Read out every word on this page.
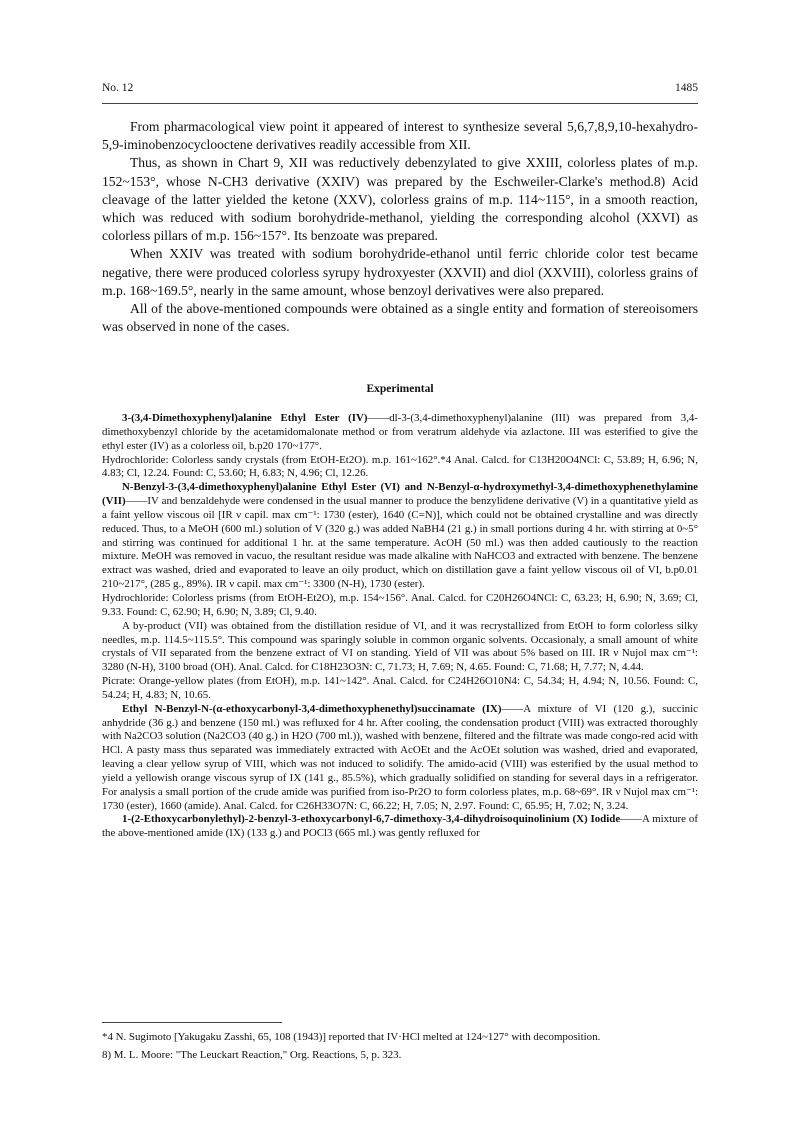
No. 12	1485

From pharmacological view point it appeared of interest to synthesize several 5,6,7,8,9,10-hexahydro-5,9-iminobenzocyclooctene derivatives readily accessible from XII.

Thus, as shown in Chart 9, XII was reductively debenzylated to give XXIII, colorless plates of m.p. 152~153°, whose N-CH3 derivative (XXIV) was prepared by the Eschweiler-Clarke's method.8) Acid cleavage of the latter yielded the ketone (XXV), colorless grains of m.p. 114~115°, in a smooth reaction, which was reduced with sodium borohydride-methanol, yielding the corresponding alcohol (XXVI) as colorless pillars of m.p. 156~157°. Its benzoate was prepared.

When XXIV was treated with sodium borohydride-ethanol until ferric chloride color test became negative, there were produced colorless syrupy hydroxyester (XXVII) and diol (XXVIII), colorless grains of m.p. 168~169.5°, nearly in the same amount, whose benzoyl derivatives were also prepared.

All of the above-mentioned compounds were obtained as a single entity and formation of stereoisomers was observed in none of the cases.

Experimental

3-(3,4-Dimethoxyphenyl)alanine Ethyl Ester (IV)——dl-3-(3,4-dimethoxyphenyl)alanine (III) was prepared from 3,4-dimethoxybenzyl chloride by the acetamidomalonate method or from veratrum aldehyde via azlactone. III was esterified to give the ethyl ester (IV) as a colorless oil, b.p20 170~177°.

Hydrochloride: Colorless sandy crystals (from EtOH-Et2O). m.p. 161~162°.*4 Anal. Calcd. for C13H20O4NCl: C, 53.89; H, 6.96; N, 4.83; Cl, 12.24. Found: C, 53.60; H, 6.83; N, 4.96; Cl, 12.26.

N-Benzyl-3-(3,4-dimethoxyphenyl)alanine Ethyl Ester (VI) and N-Benzyl-α-hydroxymethyl-3,4-dimethoxyphenethylamine (VII)——IV and benzaldehyde were condensed in the usual manner to produce the benzylidene derivative (V) in a quantitative yield as a faint yellow viscous oil [IR ν capil. max cm⁻¹: 1730 (ester), 1640 (C=N)], which could not be obtained crystalline and was directly reduced. Thus, to a MeOH (600 ml.) solution of V (320 g.) was added NaBH4 (21 g.) in small portions during 4 hr. with stirring at 0~5° and stirring was continued for additional 1 hr. at the same temperature. AcOH (50 ml.) was then added cautiously to the reaction mixture. MeOH was removed in vacuo, the resultant residue was made alkaline with NaHCO3 and extracted with benzene. The benzene extract was washed, dried and evaporated to leave an oily product, which on distillation gave a faint yellow viscous oil of VI, b.p0.01 210~217°, (285 g., 89%). IR ν capil. max cm⁻¹: 3300 (N-H), 1730 (ester).

Hydrochloride: Colorless prisms (from EtOH-Et2O), m.p. 154~156°. Anal. Calcd. for C20H26O4NCl: C, 63.23; H, 6.90; N, 3.69; Cl, 9.33. Found: C, 62.90; H, 6.90; N, 3.89; Cl, 9.40.

A by-product (VII) was obtained from the distillation residue of VI, and it was recrystallized from EtOH to form colorless silky needles, m.p. 114.5~115.5°. This compound was sparingly soluble in common organic solvents. Occasionaly, a small amount of white crystals of VII separated from the benzene extract of VI on standing. Yield of VII was about 5% based on III. IR ν Nujol max cm⁻¹: 3280 (N-H), 3100 broad (OH). Anal. Calcd. for C18H23O3N: C, 71.73; H, 7.69; N, 4.65. Found: C, 71.68; H, 7.77; N, 4.44.

Picrate: Orange-yellow plates (from EtOH), m.p. 141~142°. Anal. Calcd. for C24H26O10N4: C, 54.34; H, 4.94; N, 10.56. Found: C, 54.24; H, 4.83; N, 10.65.

Ethyl N-Benzyl-N-(α-ethoxycarbonyl-3,4-dimethoxyphenethyl)succinamate (IX)——A mixture of VI (120 g.), succinic anhydride (36 g.) and benzene (150 ml.) was refluxed for 4 hr. After cooling, the condensation product (VIII) was extracted thoroughly with Na2CO3 solution (Na2CO3 (40 g.) in H2O (700 ml.)), washed with benzene, filtered and the filtrate was made congo-red acid with HCl. A pasty mass thus separated was immediately extracted with AcOEt and the AcOEt solution was washed, dried and evaporated, leaving a clear yellow syrup of VIII, which was not induced to solidify. The amido-acid (VIII) was esterified by the usual method to yield a yellowish orange viscous syrup of IX (141 g., 85.5%), which gradually solidified on standing for several days in a refrigerator. For analysis a small portion of the crude amide was purified from iso-Pr2O to form colorless plates, m.p. 68~69°. IR ν Nujol max cm⁻¹: 1730 (ester), 1660 (amide). Anal. Calcd. for C26H33O7N: C, 66.22; H, 7.05; N, 2.97. Found: C, 65.95; H, 7.02; N, 3.24.

1-(2-Ethoxycarbonylethyl)-2-benzyl-3-ethoxycarbonyl-6,7-dimethoxy-3,4-dihydroisoquinolinium (X) Iodide——A mixture of the above-mentioned amide (IX) (133 g.) and POCl3 (665 ml.) was gently refluxed for

*4 N. Sugimoto [Yakugaku Zasshi, 65, 108 (1943)] reported that IV·HCl melted at 124~127° with decomposition.

8) M. L. Moore: "The Leuckart Reaction," Org. Reactions, 5, p. 323.
